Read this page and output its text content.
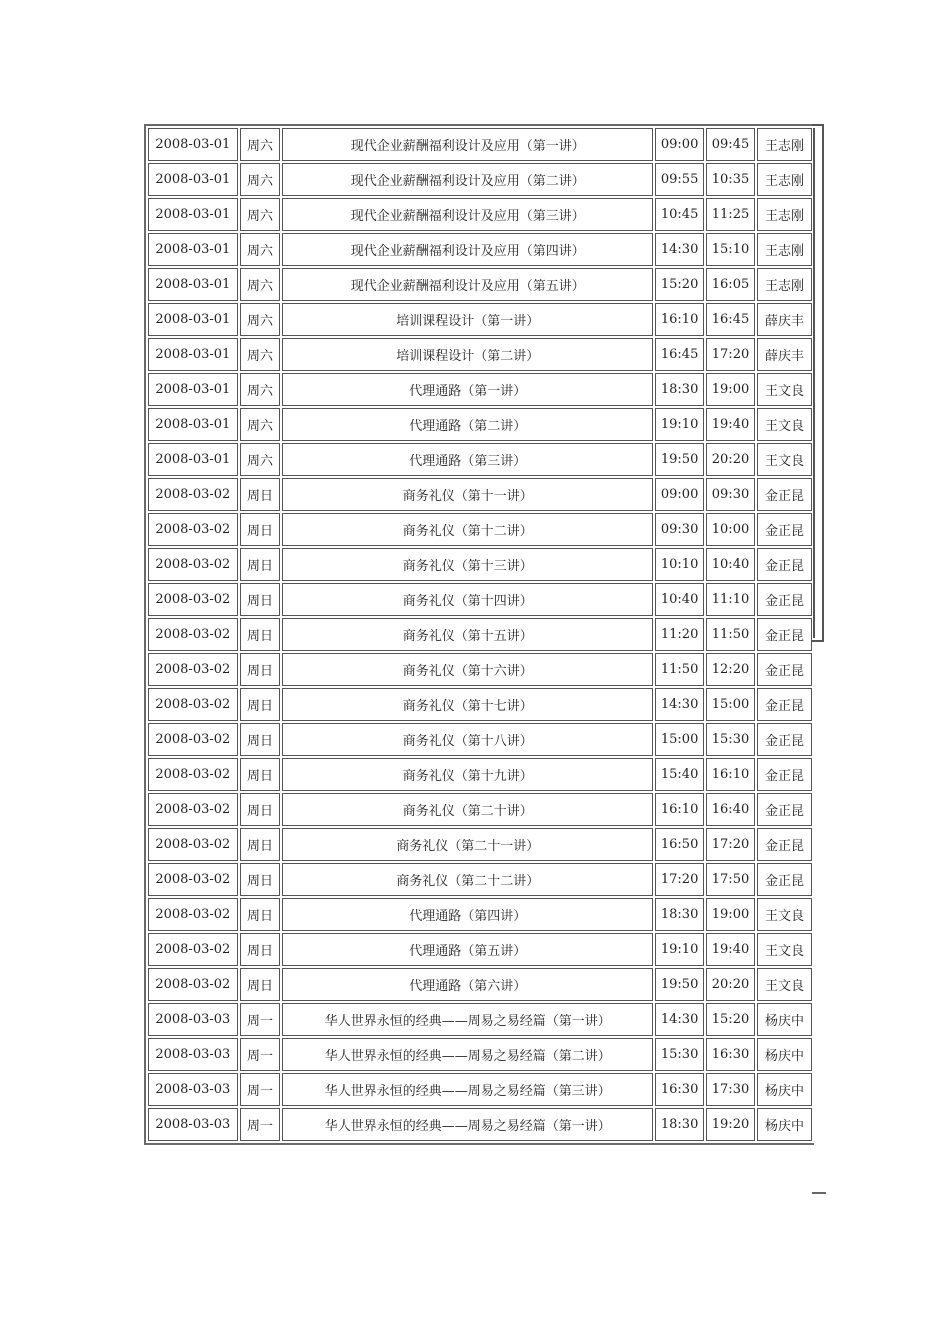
2008-03-01	周六	现代企业薪酬福利设计及应用（第一讲）	09:00	09:45	王志刚
2008-03-01	周六	现代企业薪酬福利设计及应用（第二讲）	09:55	10:35	王志刚
2008-03-01	周六	现代企业薪酬福利设计及应用（第三讲）	10:45	11:25	王志刚
2008-03-01	周六	现代企业薪酬福利设计及应用（第四讲）	14:30	15:10	王志刚
2008-03-01	周六	现代企业薪酬福利设计及应用（第五讲）	15:20	16:05	王志刚
2008-03-01	周六	培训课程设计（第一讲）	16:10	16:45	薛庆丰
2008-03-01	周六	培训课程设计（第二讲）	16:45	17:20	薛庆丰
2008-03-01	周六	代理通路（第一讲）	18:30	19:00	王文良
2008-03-01	周六	代理通路（第二讲）	19:10	19:40	王文良
2008-03-01	周六	代理通路（第三讲）	19:50	20:20	王文良
2008-03-02	周日	商务礼仪（第十一讲）	09:00	09:30	金正昆
2008-03-02	周日	商务礼仪（第十二讲）	09:30	10:00	金正昆
2008-03-02	周日	商务礼仪（第十三讲）	10:10	10:40	金正昆
2008-03-02	周日	商务礼仪（第十四讲）	10:40	11:10	金正昆
2008-03-02	周日	商务礼仪（第十五讲）	11:20	11:50	金正昆
2008-03-02	周日	商务礼仪（第十六讲）	11:50	12:20	金正昆
2008-03-02	周日	商务礼仪（第十七讲）	14:30	15:00	金正昆
2008-03-02	周日	商务礼仪（第十八讲）	15:00	15:30	金正昆
2008-03-02	周日	商务礼仪（第十九讲）	15:40	16:10	金正昆
2008-03-02	周日	商务礼仪（第二十讲）	16:10	16:40	金正昆
2008-03-02	周日	商务礼仪（第二十一讲）	16:50	17:20	金正昆
2008-03-02	周日	商务礼仪（第二十二讲）	17:20	17:50	金正昆
2008-03-02	周日	代理通路（第四讲）	18:30	19:00	王文良
2008-03-02	周日	代理通路（第五讲）	19:10	19:40	王文良
2008-03-02	周日	代理通路（第六讲）	19:50	20:20	王文良
2008-03-03	周一	华人世界永恒的经典——周易之易经篇（第一讲）	14:30	15:20	杨庆中
2008-03-03	周一	华人世界永恒的经典——周易之易经篇（第二讲）	15:30	16:30	杨庆中
2008-03-03	周一	华人世界永恒的经典——周易之易经篇（第三讲）	16:30	17:30	杨庆中
2008-03-03	周一	华人世界永恒的经典——周易之易经篇（第一讲）	18:30	19:20	杨庆中
